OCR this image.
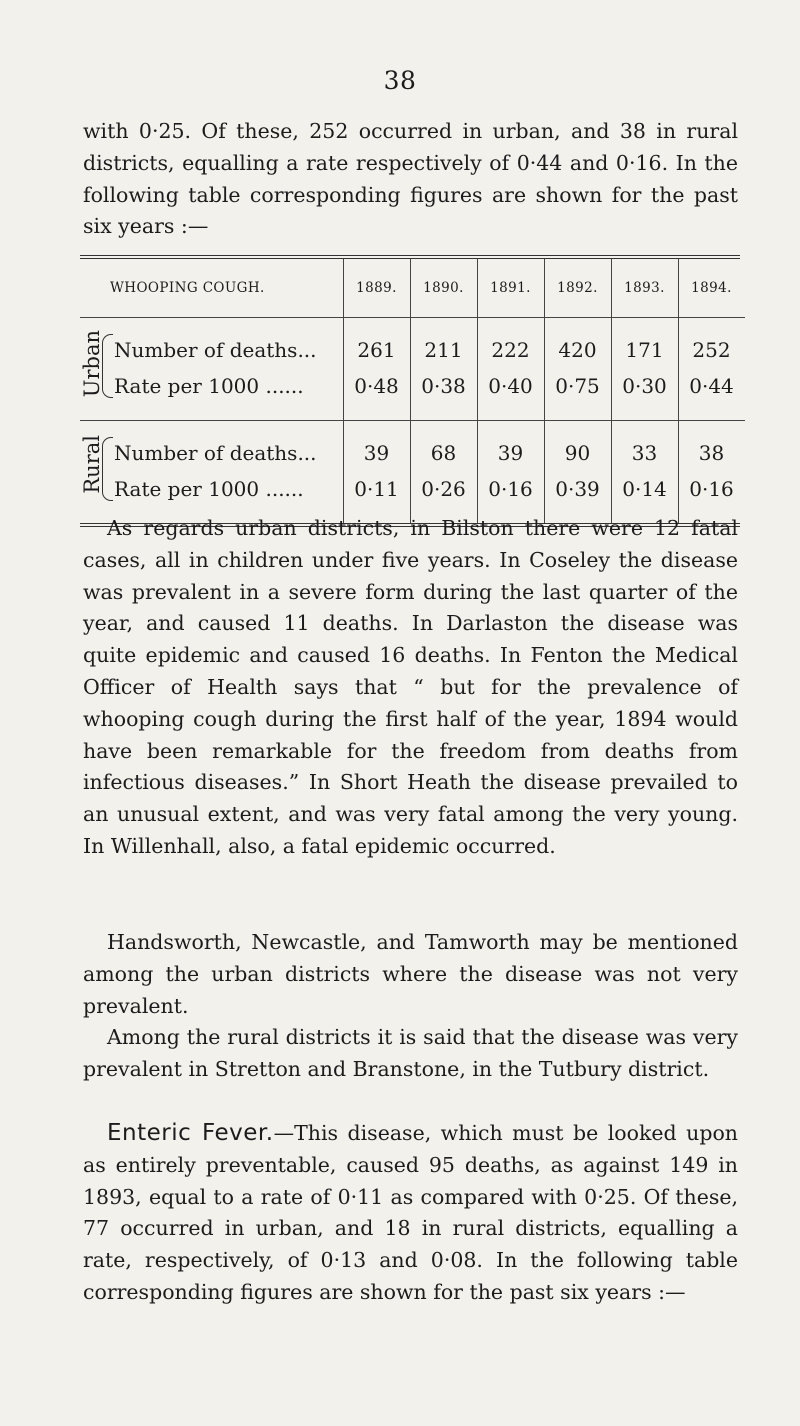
38

with 0·25. Of these, 252 occurred in urban, and 38 in rural districts, equalling a rate respectively of 0·44 and 0·16. In the following table corresponding figures are shown for the past six years :—

WHOOPING COUGH.	1889.	1890.	1891.	1892.	1893.	1894.

Urban Number of deaths...	261	211	222	420	171	252
Rate per 1000 ......	0·48	0·38	0·40	0·75	0·30	0·44

Rural Number of deaths...	39	68	39	90	33	38
Rate per 1000 ......	0·11	0·26	0·16	0·39	0·14	0·16

As regards urban districts, in Bilston there were 12 fatal cases, all in children under five years. In Coseley the disease was prevalent in a severe form during the last quarter of the year, and caused 11 deaths. In Darlaston the disease was quite epidemic and caused 16 deaths. In Fenton the Medical Officer of Health says that “ but for the prevalence of whooping cough during the first half of the year, 1894 would have been remarkable for the freedom from deaths from infectious diseases.” In Short Heath the disease prevailed to an unusual extent, and was very fatal among the very young. In Willenhall, also, a fatal epidemic occurred.

Handsworth, Newcastle, and Tamworth may be mentioned among the urban districts where the disease was not very prevalent.

Among the rural districts it is said that the disease was very prevalent in Stretton and Branstone, in the Tutbury district.

Enteric Fever.—This disease, which must be looked upon as entirely preventable, caused 95 deaths, as against 149 in 1893, equal to a rate of 0·11 as compared with 0·25. Of these, 77 occurred in urban, and 18 in rural districts, equalling a rate, respectively, of 0·13 and 0·08. In the following table corresponding figures are shown for the past six years :—
